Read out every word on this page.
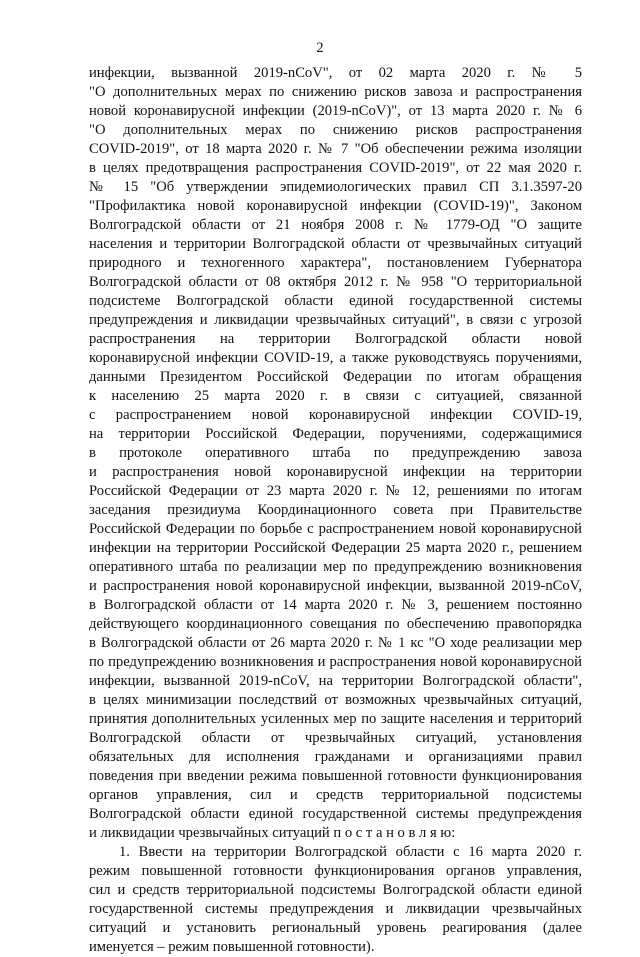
2
инфекции, вызванной 2019-nCoV", от 02 марта 2020 г. № 5
"О дополнительных мерах по снижению рисков завоза и распространения
новой коронавирусной инфекции (2019-nCoV)", от 13 марта 2020 г. № 6
"О дополнительных мерах по снижению рисков распространения
COVID-2019", от 18 марта 2020 г. № 7 "Об обеспечении режима изоляции
в целях предотвращения распространения COVID-2019", от 22 мая 2020 г.
№ 15 "Об утверждении эпидемиологических правил СП 3.1.3597-20
"Профилактика новой коронавирусной инфекции (COVID-19)", Законом
Волгоградской области от 21 ноября 2008 г. № 1779-ОД "О защите
населения и территории Волгоградской области от чрезвычайных ситуаций
природного и техногенного характера", постановлением Губернатора
Волгоградской области от 08 октября 2012 г. № 958 "О территориальной
подсистеме Волгоградской области единой государственной системы
предупреждения и ликвидации чрезвычайных ситуаций", в связи с угрозой
распространения на территории Волгоградской области новой
коронавирусной инфекции COVID-19, а также руководствуясь поручениями,
данными Президентом Российской Федерации по итогам обращения
к населению 25 марта 2020 г. в связи с ситуацией, связанной
с распространением новой коронавирусной инфекции COVID-19,
на территории Российской Федерации, поручениями, содержащимися
в протоколе оперативного штаба по предупреждению завоза
и распространения новой коронавирусной инфекции на территории
Российской Федерации от 23 марта 2020 г. № 12, решениями по итогам
заседания президиума Координационного совета при Правительстве
Российской Федерации по борьбе с распространением новой коронавирусной
инфекции на территории Российской Федерации 25 марта 2020 г., решением
оперативного штаба по реализации мер по предупреждению возникновения
и распространения новой коронавирусной инфекции, вызванной 2019-nCoV,
в Волгоградской области от 14 марта 2020 г. № 3, решением постоянно
действующего координационного совещания по обеспечению правопорядка
в Волгоградской области от 26 марта 2020 г. № 1 кс "О ходе реализации мер
по предупреждению возникновения и распространения новой коронавирусной
инфекции, вызванной 2019-nCoV, на территории Волгоградской области",
в целях минимизации последствий от возможных чрезвычайных ситуаций,
принятия дополнительных усиленных мер по защите населения и территорий
Волгоградской области от чрезвычайных ситуаций, установления
обязательных для исполнения гражданами и организациями правил
поведения при введении режима повышенной готовности функционирования
органов управления, сил и средств территориальной подсистемы
Волгоградской области единой государственной системы предупреждения
и ликвидации чрезвычайных ситуаций п о с т а н о в л я ю:
1. Ввести на территории Волгоградской области с 16 марта 2020 г.
режим повышенной готовности функционирования органов управления,
сил и средств территориальной подсистемы Волгоградской области единой
государственной системы предупреждения и ликвидации чрезвычайных
ситуаций и установить региональный уровень реагирования (далее
именуется – режим повышенной готовности).
